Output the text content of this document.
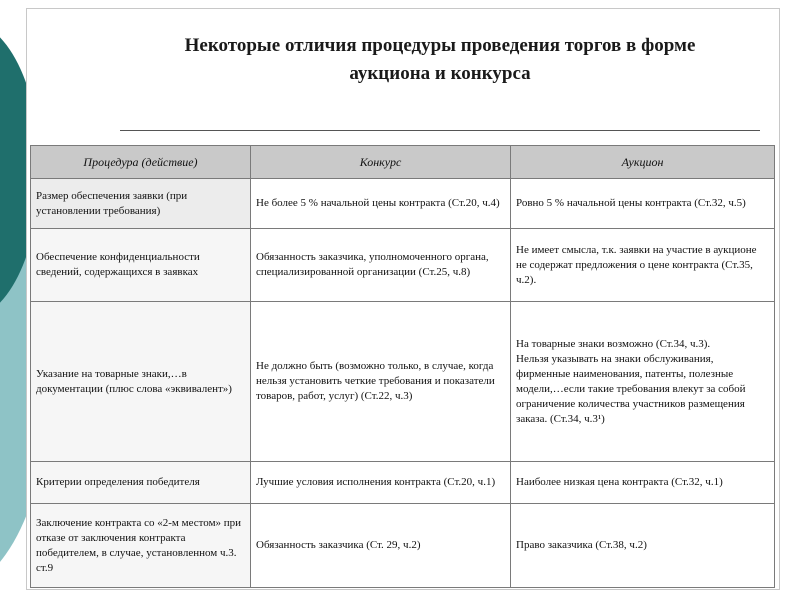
Некоторые отличия процедуры проведения торгов в форме
аукциона и конкурса
Процедура (действие)	Конкурс	Аукцион
Размер обеспечения заявки (при установлении требования)	Не более 5 % начальной цены контракта (Ст.20, ч.4)	Ровно 5 % начальной цены контракта (Ст.32, ч.5)
Обеспечение конфиденциальности сведений, содержащихся в заявках	Обязанность заказчика, уполномоченного органа, специализированной организации (Ст.25, ч.8)	Не имеет смысла, т.к. заявки на участие в аукционе не содержат предложения о цене контракта (Ст.35, ч.2).
Указание на товарные знаки,…в документации (плюс слова «эквивалент»)	Не должно быть (возможно только, в случае, когда нельзя установить четкие требования и показатели товаров, работ, услуг) (Ст.22, ч.3)	На товарные знаки возможно (Ст.34, ч.3).
Нельзя указывать на знаки обслуживания, фирменные наименования, патенты, полезные модели,…если такие требования влекут за собой ограничение количества участников размещения заказа. (Ст.34, ч.3¹)

Критерии определения победителя	Лучшие условия исполнения контракта (Ст.20, ч.1)	Наиболее низкая цена контракта (Ст.32, ч.1)
Заключение контракта со «2-м местом» при отказе от заключения контракта победителем, в случае, установленном ч.3. ст.9	Обязанность заказчика (Ст. 29, ч.2)	Право заказчика (Ст.38, ч.2)
